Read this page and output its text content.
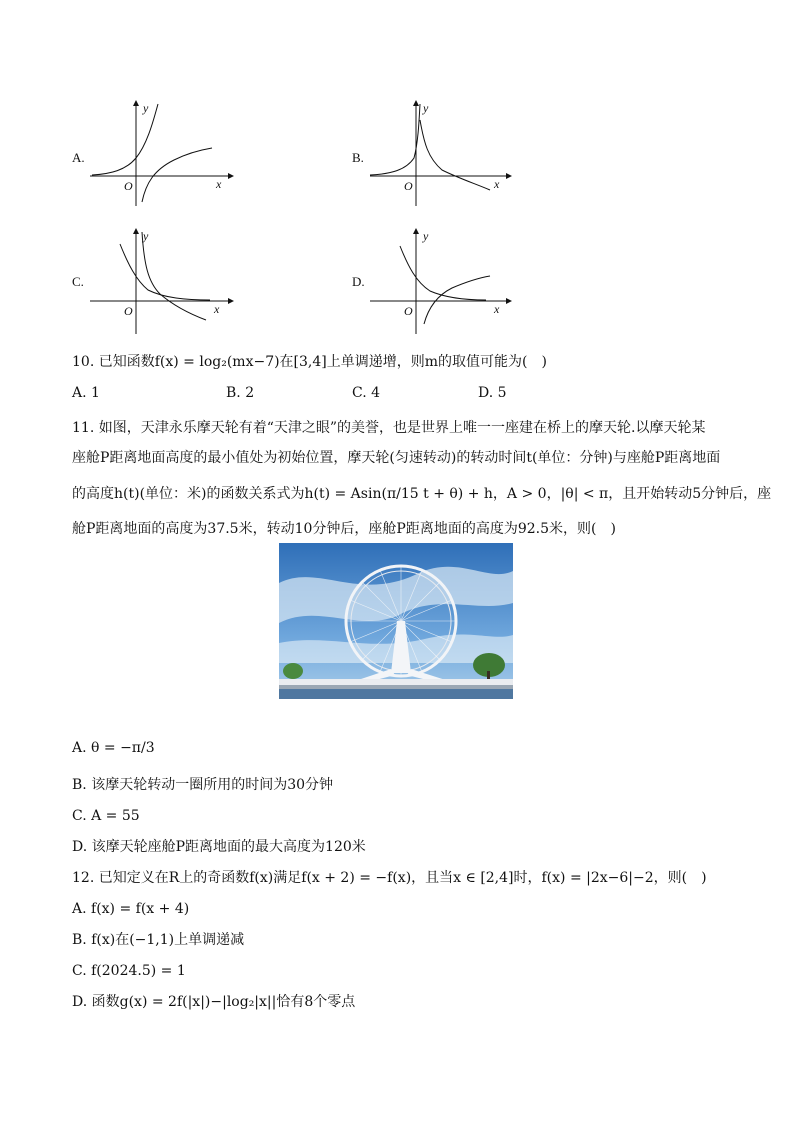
A.
y
x
O
B.
y
x
O
C.
y
x
O
D.
y
x
O
10. 已知函数f(x) = log₂(mx−7)在[3,4]上单调递增，则m的取值可能为(　)
A. 1	B. 2	C. 4	D. 5
11. 如图，天津永乐摩天轮有着“天津之眼”的美誉，也是世界上唯一一座建在桥上的摩天轮.以摩天轮某
座舱P距离地面高度的最小值处为初始位置，摩天轮(匀速转动)的转动时间t(单位：分钟)与座舱P距离地面
的高度h(t)(单位：米)的函数关系式为h(t) = Asin(π/15 t + θ) + h，A > 0，|θ| < π，且开始转动5分钟后，座
舱P距离地面的高度为37.5米，转动10分钟后，座舱P距离地面的高度为92.5米，则(　)
A. θ = −π/3
B. 该摩天轮转动一圈所用的时间为30分钟
C. A = 55
D. 该摩天轮座舱P距离地面的最大高度为120米
12. 已知定义在R上的奇函数f(x)满足f(x + 2) = −f(x)，且当x ∈ [2,4]时，f(x) = |2x−6|−2，则(　)
A. f(x) = f(x + 4)
B. f(x)在(−1,1)上单调递减
C. f(2024.5) = 1
D. 函数g(x) = 2f(|x|)−|log₂|x||恰有8个零点
